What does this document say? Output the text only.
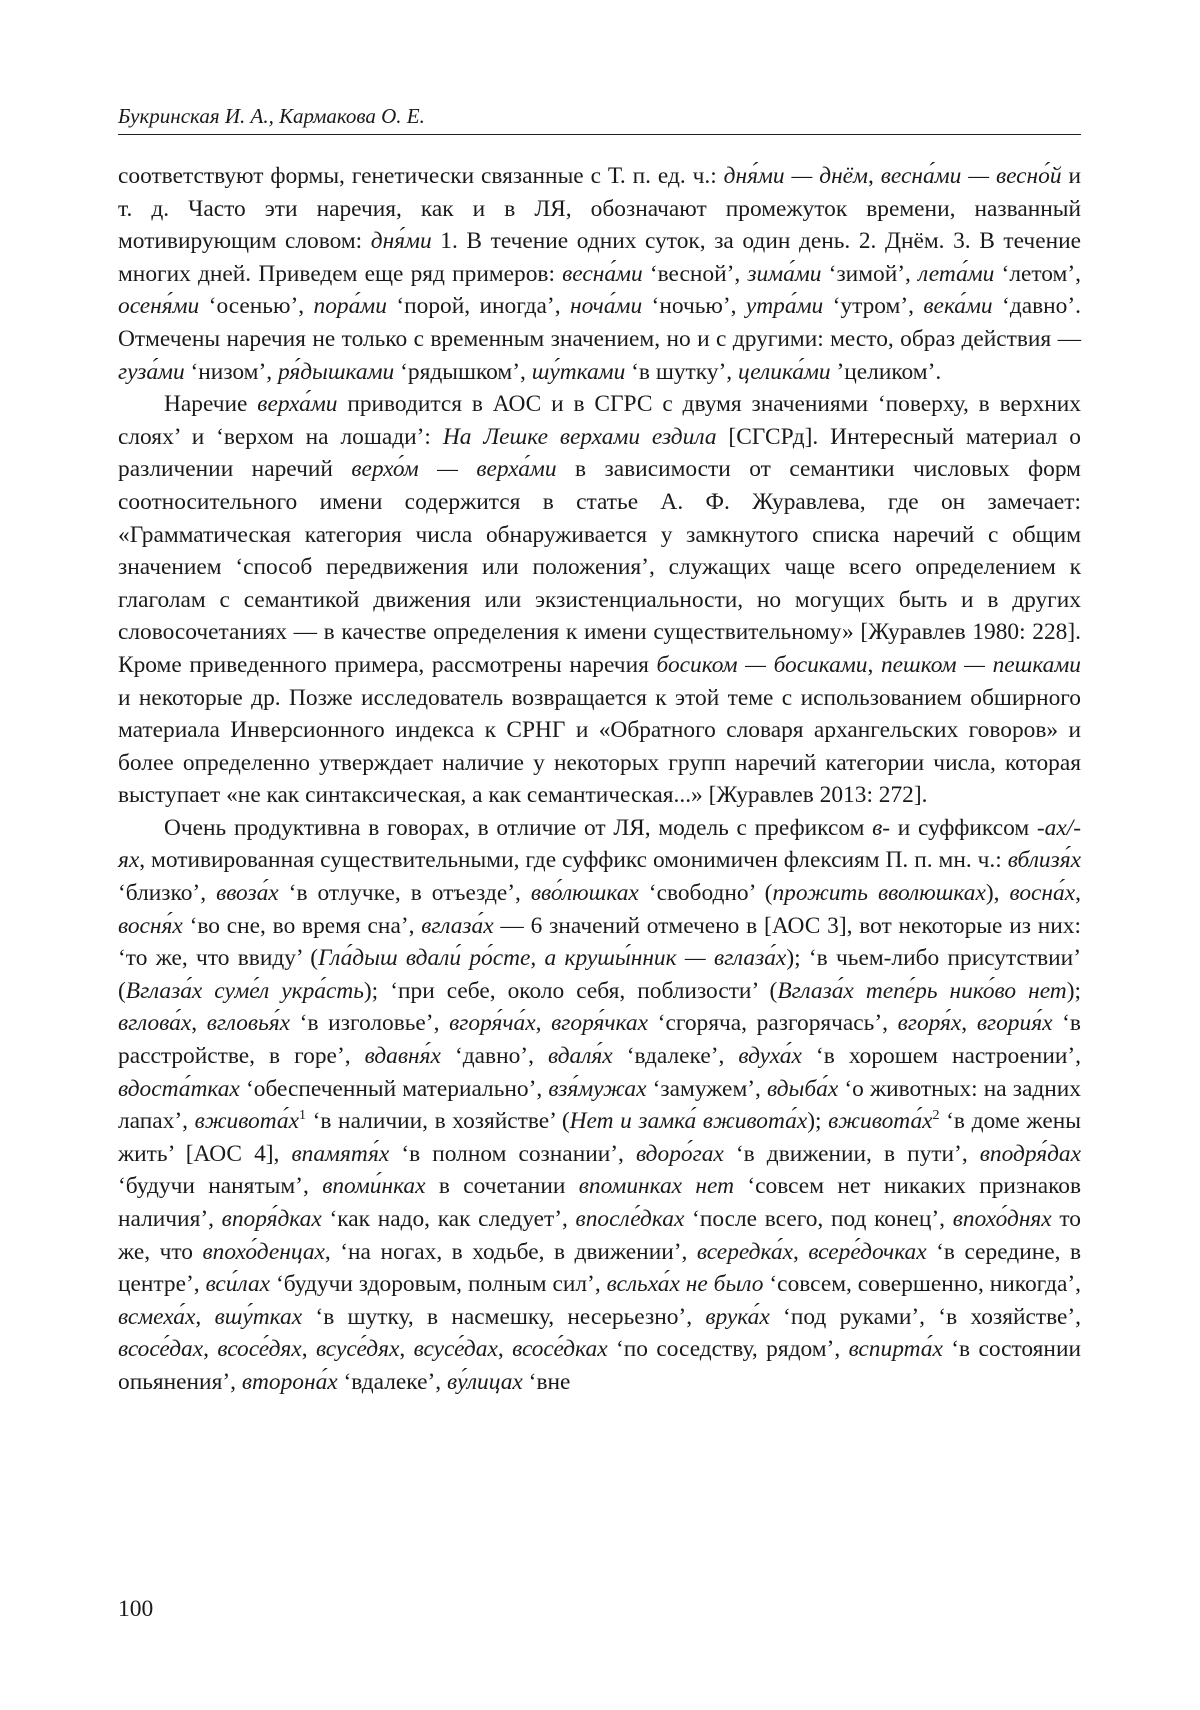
Букринская И. А., Кармакова О. Е.

соответствуют формы, генетически связанные с Т. п. ед. ч.: дня́ми — днём, весна́ми — весно́й и т. д. Часто эти наречия, как и в ЛЯ, обозначают промежуток времени, названный мотивирующим словом: дня́ми 1. В течение одних суток, за один день. 2. Днём. 3. В течение многих дней. Приведем еще ряд примеров: весна́ми ‘весной’, зима́ми ‘зимой’, лета́ми ‘летом’, осеня́ми ‘осенью’, пора́ми ‘порой, иногда’, ноча́ми ‘ночью’, утра́ми ‘утром’, века́ми ‘давно’. Отмечены наречия не только с временным значением, но и с другими: место, образ действия — гуза́ми ‘низом’, ря́дышками ‘рядышком’, шу́тками ‘в шутку’, целика́ми ’целиком’.

Наречие верха́ми приводится в АОС и в СГРС с двумя значениями ‘поверху, в верхних слоях’ и ‘верхом на лошади’: На Лешке верхами ездила [СГСРд]. Интересный материал о различении наречий верхо́м — верха́ми в зависимости от семантики числовых форм соотносительного имени содержится в статье А. Ф. Журавлева, где он замечает: «Грамматическая категория числа обнаруживается у замкнутого списка наречий с общим значением ‘способ передвижения или положения’, служащих чаще всего определением к глаголам с семантикой движения или экзистенциальности, но могущих быть и в других словосочетаниях — в качестве определения к имени существительному» [Журавлев 1980: 228]. Кроме приведенного примера, рассмотрены наречия босиком — босиками, пешком — пешками и некоторые др. Позже исследователь возвращается к этой теме с использованием обширного материала Инверсионного индекса к СРНГ и «Обратного словаря архангельских говоров» и более определенно утверждает наличие у некоторых групп наречий категории числа, которая выступает «не как синтаксическая, а как семантическая...» [Журавлев 2013: 272].

Очень продуктивна в говорах, в отличие от ЛЯ, модель с префиксом в- и суффиксом -ах/-ях, мотивированная существительными, где суффикс омонимичен флексиям П. п. мн. ч.: вблизя́х ‘близко’, ввоза́х ‘в отлучке, в отъезде’, вво́люшках ‘свободно’ (прожить вволюшках), восна́х, восня́х ‘во сне, во время сна’, вглаза́х — 6 значений отмечено в [АОС 3], вот некоторые из них: ‘то же, что ввиду’ (Гла́дыш вдали́ ро́сте, а крушы́нник — вглаза́х); ‘в чьем-либо присутствии’ (Вглаза́х суме́л укра́сть); ‘при себе, около себя, поблизости’ (Вглаза́х тепе́рь нико́во нет); вглова́х, вгловья́х ‘в изголовье’, вгоря́ча́х, вгоря́чках ‘сгоряча, разгорячась’, вгоря́х, вгория́х ‘в расстройстве, в горе’, вдавня́х ‘давно’, вдаля́х ‘вдалеке’, вдуха́х ‘в хорошем настроении’, вдоста́тках ‘обеспеченный материально’, взя́мужах ‘замужем’, вдыба́х ‘о животных: на задних лапах’, $вживота́х^1$ ‘в наличии, в хозяйстве’ (Нет и замка́ вживота́х); $вживота́х^2$ ‘в доме жены жить’ [АОС 4], впамятя́х ‘в полном сознании’, вдоро́гах ‘в движении, в пути’, вподря́дах ‘будучи нанятым’, впоми́нках в сочетании впоминках нет ‘совсем нет никаких признаков наличия’, впоря́дках ‘как надо, как следует’, впосле́дках ‘после всего, под конец’, впохо́днях то же, что впохо́денцах, ‘на ногах, в ходьбе, в движении’, всередка́х, всере́дочках ‘в середине, в центре’, вси́лах ‘будучи здоровым, полным сил’, всльха́х не было ‘совсем, совершенно, никогда’, всмеха́х, вшу́тках ‘в шутку, в насмешку, несерьезно’, врука́х ‘под руками’, ‘в хозяйстве’, всосе́дах, всосе́дях, всусе́дях, всусе́дах, всосе́дках ‘по соседству, рядом’, вспирта́х ‘в состоянии опьянения’, второна́х ‘вдалеке’, ву́лицах ‘вне

100
